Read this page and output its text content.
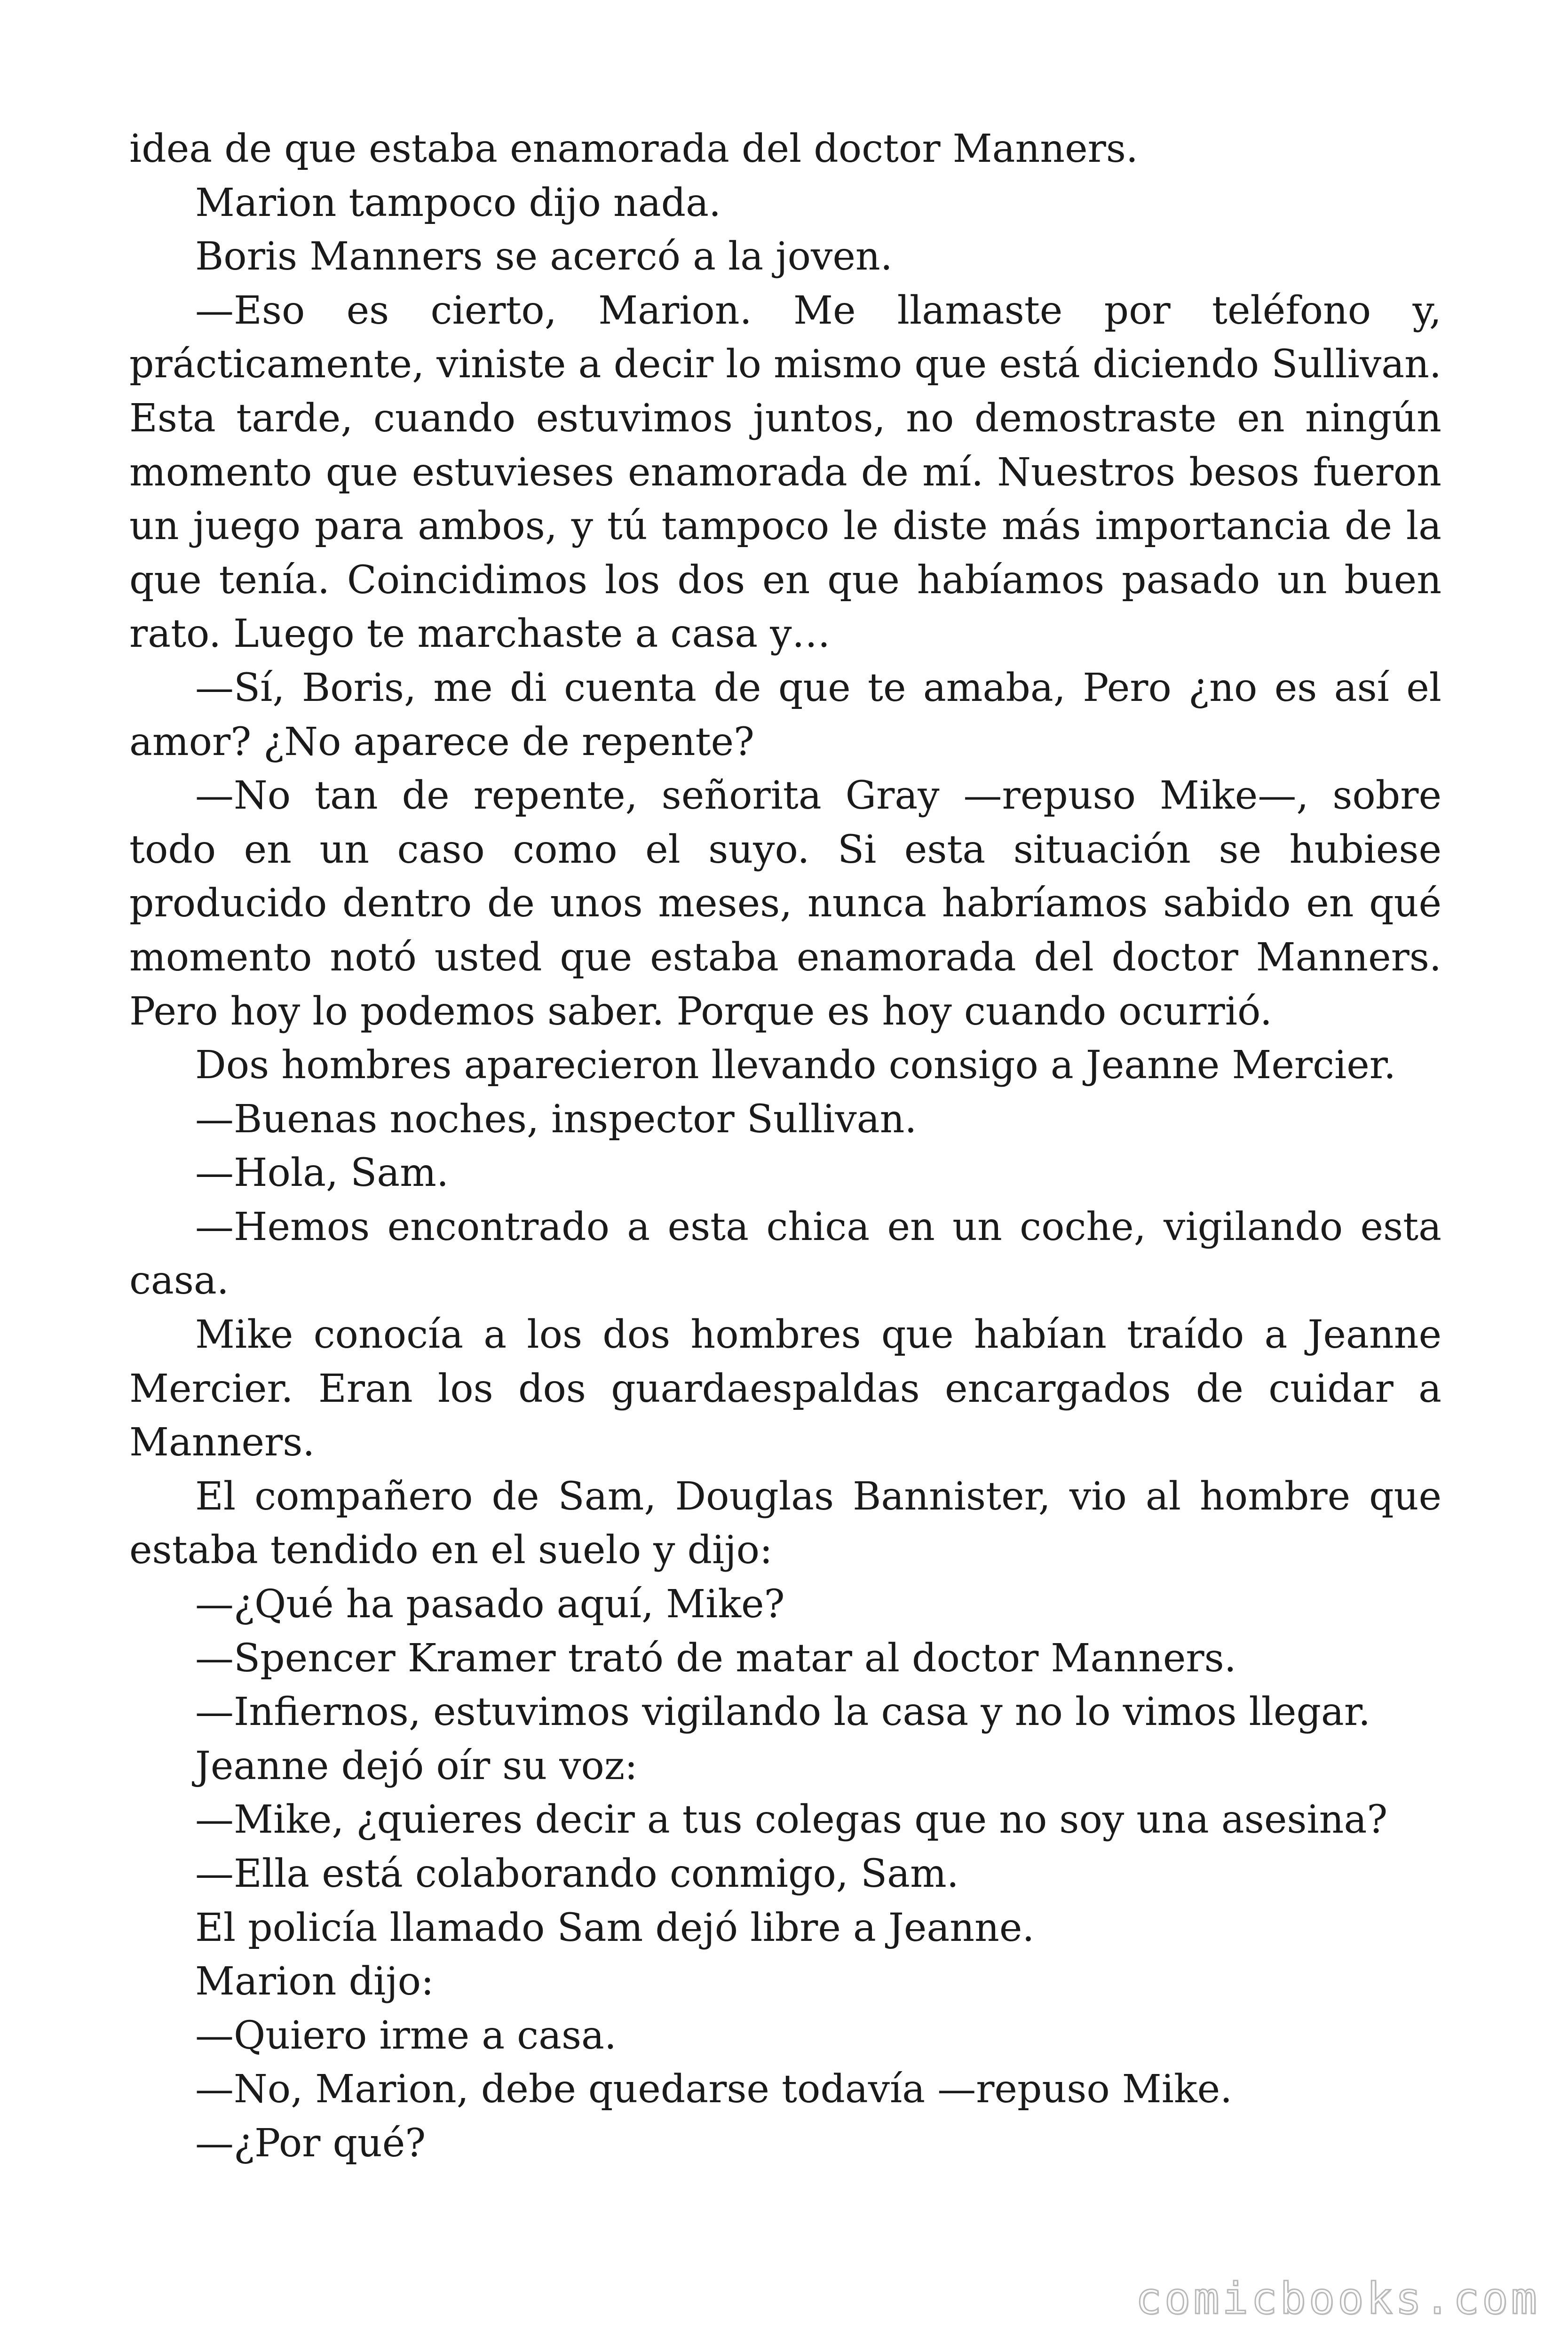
idea de que estaba enamorada del doctor Manners.

Marion tampoco dijo nada.

Boris Manners se acercó a la joven.

—Eso es cierto, Marion. Me llamaste por teléfono y, prácticamente, viniste a decir lo mismo que está diciendo Sullivan. Esta tarde, cuando estuvimos juntos, no demostraste en ningún momento que estuvieses enamorada de mí. Nuestros besos fueron un juego para ambos, y tú tampoco le diste más importancia de la que tenía. Coincidimos los dos en que habíamos pasado un buen rato. Luego te marchaste a casa y…

—Sí, Boris, me di cuenta de que te amaba, Pero ¿no es así el amor? ¿No aparece de repente?

—No tan de repente, señorita Gray —repuso Mike—, sobre todo en un caso como el suyo. Si esta situación se hubiese producido dentro de unos meses, nunca habríamos sabido en qué momento notó usted que estaba enamorada del doctor Manners. Pero hoy lo podemos saber. Porque es hoy cuando ocurrió.

Dos hombres aparecieron llevando consigo a Jeanne Mercier.

—Buenas noches, inspector Sullivan.

—Hola, Sam.

—Hemos encontrado a esta chica en un coche, vigilando esta casa.

Mike conocía a los dos hombres que habían traído a Jeanne Mercier. Eran los dos guardaespaldas encargados de cuidar a Manners.

El compañero de Sam, Douglas Bannister, vio al hombre que estaba tendido en el suelo y dijo:

—¿Qué ha pasado aquí, Mike?

—Spencer Kramer trató de matar al doctor Manners.

—Infiernos, estuvimos vigilando la casa y no lo vimos llegar.

Jeanne dejó oír su voz:

—Mike, ¿quieres decir a tus colegas que no soy una asesina?

—Ella está colaborando conmigo, Sam.

El policía llamado Sam dejó libre a Jeanne.

Marion dijo:

—Quiero irme a casa.

—No, Marion, debe quedarse todavía —repuso Mike.

—¿Por qué?

comicbooks.com
